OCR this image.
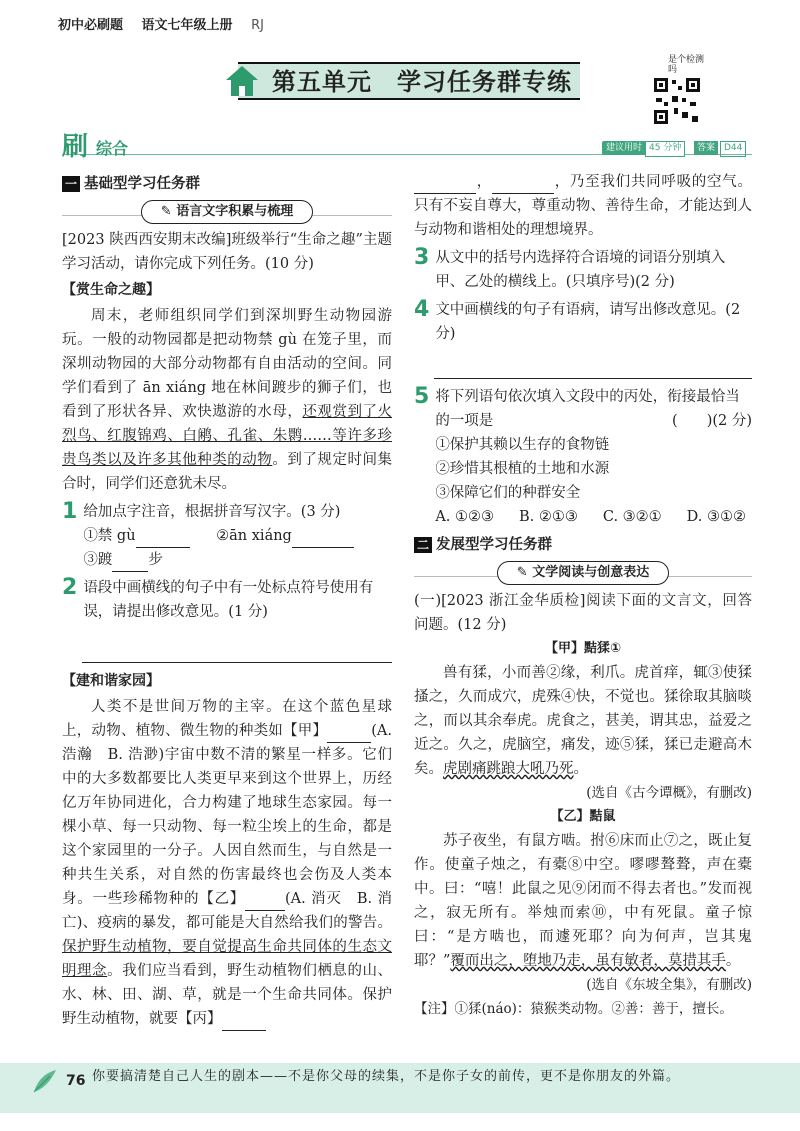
初中必刷题 语文七年级上册 RJ
第五单元　学习任务群专练
是个检测吗
刷 综合	建议用时 45 分钟	答案 D44
一 基础型学习任务群
✎ 语言文字积累与梳理

[2023 陕西西安期末改编]班级举行“生命之趣”主题学习活动，请你完成下列任务。(10 分)

【赏生命之趣】

周末，老师组织同学们到深圳野生动物园游玩。一般的动物园都是把动物禁 gù 在笼子里，而深圳动物园的大部分动物都有自由活动的空间。同学们看到了 ān xiáng 地在林间踱步的狮子们，也看到了形状各异、欢快遨游的水母，还观赏到了火烈鸟、红腹锦鸡、白鹇、孔雀、朱鹮……等许多珍贵鸟类以及许多其他种类的动物。到了规定时间集合时，同学们还意犹未尽。

1 给加点字注音，根据拼音写汉字。(3 分)
①禁 gù	②ān xiáng
③踱 步
2 语段中画横线的句子中有一处标点符号使用有误，请提出修改意见。(1 分)
【建和谐家园】

人类不是世间万物的主宰。在这个蓝色星球上，动物、植物、微生物的种类如【甲】	(A. 浩瀚　B. 浩渺)宇宙中数不清的繁星一样多。它们中的大多数都要比人类更早来到这个世界上，历经亿万年协同进化，合力构建了地球生态家园。每一棵小草、每一只动物、每一粒尘埃上的生命，都是这个家园里的一分子。人因自然而生，与自然是一种共生关系，对自然的伤害最终也会伤及人类本身。一些珍稀物种的【乙】	(A. 消灭　B. 消亡)、疫病的暴发，都可能是大自然给我们的警告。保护野生动植物，要自觉提高生命共同体的生态文明理念。我们应当看到，野生动植物们栖息的山、水、林、田、湖、草，就是一个生命共同体。保护野生动植物，就要【丙】

，	，乃至我们共同呼吸的空气。只有不妄自尊大，尊重动物、善待生命，才能达到人与动物和谐相处的理想境界。

3 从文中的括号内选择符合语境的词语分别填入甲、乙处的横线上。(只填序号)(2 分)
4 文中画横线的句子有语病，请写出修改意见。(2 分)
5 将下列语句依次填入文段中的丙处，衔接最恰当的一项是	(　　)(2 分)
①保护其赖以生存的食物链
②珍惜其根植的土地和水源
③保障它们的种群安全
A. ①②③ B. ②①③ C. ③②① D. ③①②
二 发展型学习任务群
✎ 文学阅读与创意表达

(一)[2023 浙江金华质检]阅读下面的文言文，回答问题。(12 分)

【甲】黠猱①

兽有猱，小而善②缘，利爪。虎首痒，辄③使猱搔之，久而成穴，虎殊④快，不觉也。猱徐取其脑啖之，而以其余奉虎。虎食之，甚美，谓其忠，益爱之近之。久之，虎脑空，痛发，迹⑤猱，猱已走避高木矣。虎剧痛跳踉大吼乃死。

(选自《古今谭概》，有删改)
【乙】黠鼠

苏子夜坐，有鼠方啮。拊⑥床而止⑦之，既止复作。使童子烛之，有橐⑧中空。嘐嘐聱聱，声在橐中。曰：“嘻！此鼠之见⑨闭而不得去者也。”发而视之，寂无所有。举烛而索⑩，中有死鼠。童子惊曰：“是方啮也，而遽死耶？向为何声，岂其鬼耶？”覆而出之，堕地乃走，虽有敏者，莫措其手。

(选自《东坡全集》，有删改)
【注】①猱(náo)：猿猴类动物。②善：善于，擅长。
76 你要搞清楚自己人生的剧本——不是你父母的续集，不是你子女的前传，更不是你朋友的外篇。
